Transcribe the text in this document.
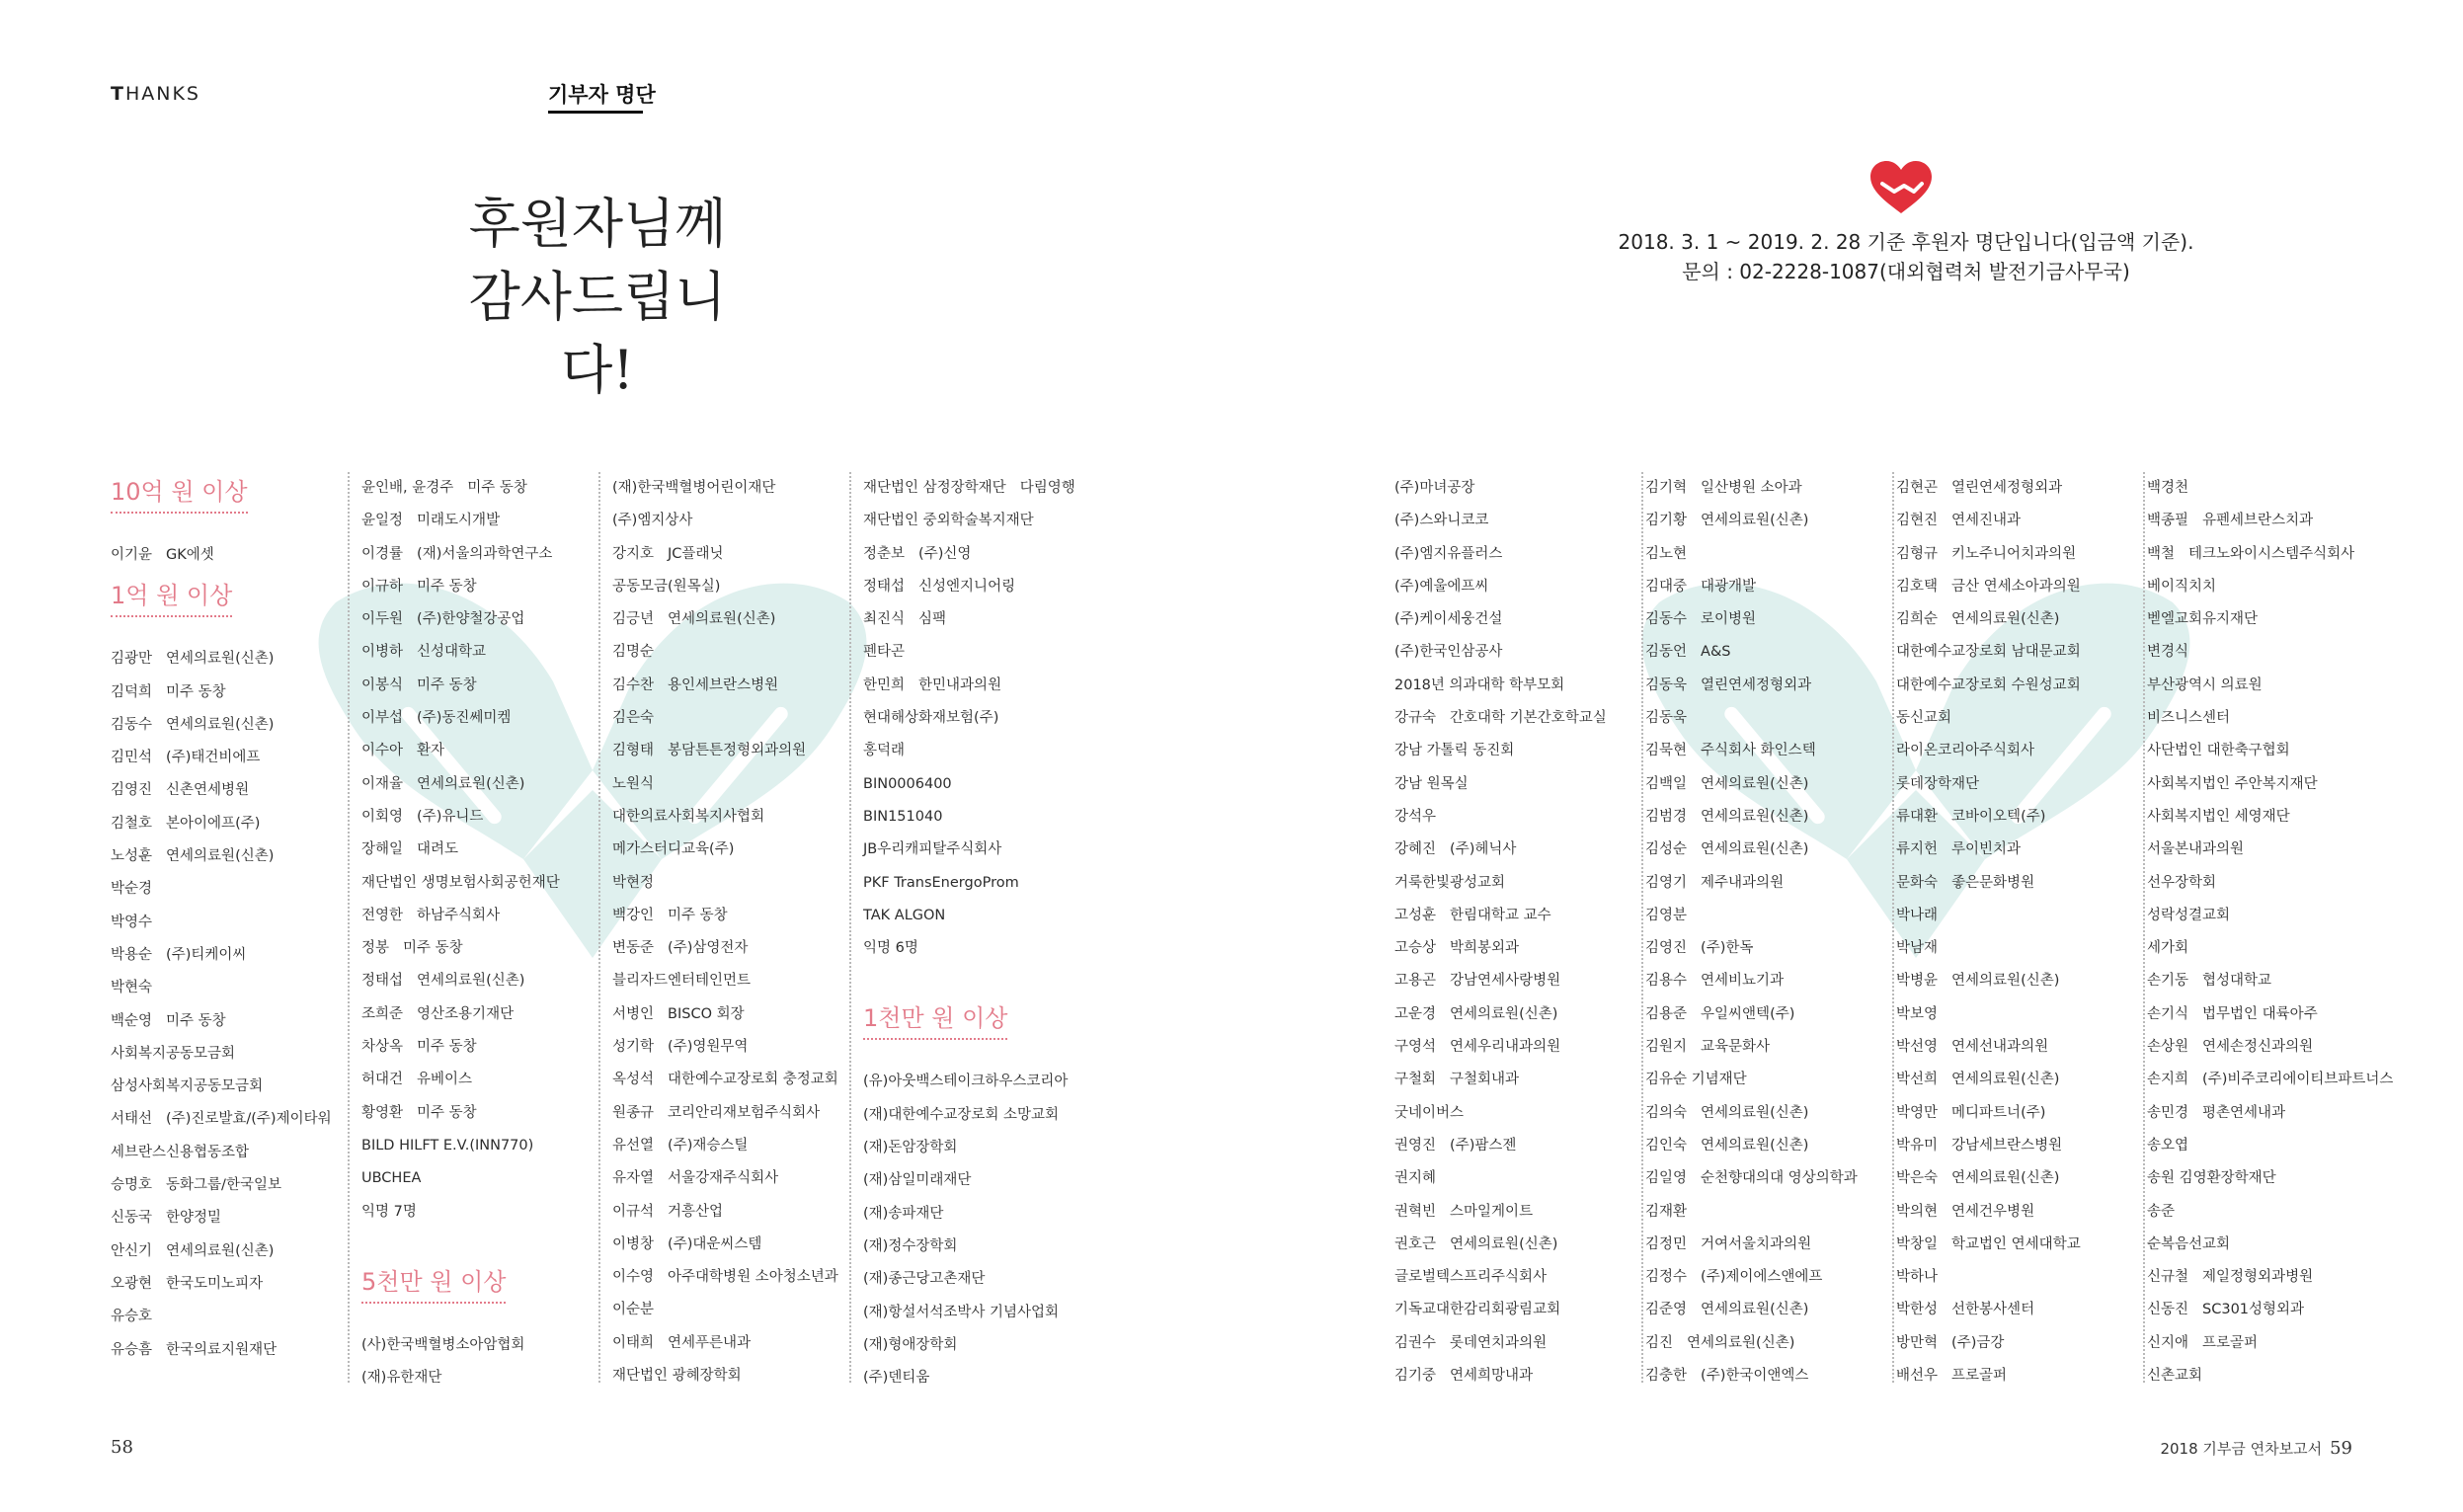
THANKS	기부자 명단
후원자님께
감사드립니다!
2018. 3. 1 ~ 2019. 2. 28 기준 후원자 명단입니다(입금액 기준).
문의 : 02-2228-1087(대외협력처 발전기금사무국)
10억 원 이상
이기윤 GK에셋
1억 원 이상
김광만 연세의료원(신촌)
김덕희 미주 동창
김동수 연세의료원(신촌)
김민석 (주)태건비에프
김영진 신촌연세병원
김철호 본아이에프(주)
노성훈 연세의료원(신촌)
박순경
박영수
박용순 (주)티케이씨
박현숙
백순영 미주 동창
사회복지공동모금회
삼성사회복지공동모금회
서태선 (주)진로발효/(주)제이타워
세브란스신용협동조합
승명호 동화그룹/한국일보
신동국 한양정밀
안신기 연세의료원(신촌)
오광현 한국도미노피자
유승호
유승흠 한국의료지원재단
윤인배, 윤경주 미주 동창
윤일정 미래도시개발
이경률 (재)서울의과학연구소
이규하 미주 동창
이두원 (주)한양철강공업
이병하 신성대학교
이봉식 미주 동창
이부섭 (주)동진쎄미켐
이수아 환자
이재율 연세의료원(신촌)
이회영 (주)유니드
장해일 대려도
재단법인 생명보험사회공헌재단
전영한 하남주식회사
정봉 미주 동창
정태섭 연세의료원(신촌)
조희준 영산조용기재단
차상옥 미주 동창
허대건 유베이스
황영환 미주 동창
BILD HILFT E.V.(INN770)
UBCHEA
익명 7명
5천만 원 이상
(사)한국백혈병소아암협회
(재)유한재단
(재)한국백혈병어린이재단
(주)엠지상사
강지호 JC플래닛
공동모금(원목실)
김긍년 연세의료원(신촌)
김명순
김수찬 용인세브란스병원
김은숙
김형태 봉담튼튼정형외과의원
노원식
대한의료사회복지사협회
메가스터디교육(주)
박현정
백강인 미주 동창
변동준 (주)삼영전자
블리자드엔터테인먼트
서병인 BISCO 회장
성기학 (주)영원무역
옥성석 대한예수교장로회 충정교회
원종규 코리안리재보험주식회사
유선열 (주)재승스틸
유자열 서울강재주식회사
이규석 거흥산업
이병창 (주)대운씨스템
이수영 아주대학병원 소아청소년과
이순분
이태희 연세푸른내과
재단법인 광혜장학회
재단법인 삼정장학재단 다림영행
재단법인 중외학술복지재단
정춘보 (주)신영
정태섭 신성엔지니어링
최진식 심팩
펜타곤
한민희 한민내과의원
현대해상화재보험(주)
홍덕래
BIN0006400
BIN151040
JB우리캐피탈주식회사
PKF TransEnergoProm
TAK ALGON
익명 6명
1천만 원 이상
(유)아웃백스테이크하우스코리아
(재)대한예수교장로회 소망교회
(재)돈암장학회
(재)삼일미래재단
(재)송파재단
(재)정수장학회
(재)종근당고촌재단
(재)항설서석조박사 기념사업회
(재)형애장학회
(주)덴티움
(주)마녀공장
(주)스와니코코
(주)엠지유플러스
(주)예울에프씨
(주)케이세웅건설
(주)한국인삼공사
2018년 의과대학 학부모회
강규숙 간호대학 기본간호학교실
강남 가톨릭 동진회
강남 원목실
강석우
강혜진 (주)헤닉사
거룩한빛광성교회
고성훈 한림대학교 교수
고승상 박희봉외과
고용곤 강남연세사랑병원
고운경 연세의료원(신촌)
구영석 연세우리내과의원
구철회 구철회내과
굿네이버스
권영진 (주)팜스젠
권지혜
권혁빈 스마일게이트
권호근 연세의료원(신촌)
글로벌텍스프리주식회사
기독교대한감리회광림교회
김권수 롯데연치과의원
김기중 연세희망내과
김기혁 일산병원 소아과
김기황 연세의료원(신촌)
김노현
김대중 대광개발
김동수 로이병원
김동언 A&S
김동욱 열린연세정형외과
김동욱
김묵현 주식회사 화인스텍
김백일 연세의료원(신촌)
김범경 연세의료원(신촌)
김성순 연세의료원(신촌)
김영기 제주내과의원
김영분
김영진 (주)한독
김용수 연세비뇨기과
김용준 우일씨앤텍(주)
김원지 교육문화사
김유순 기념재단
김의숙 연세의료원(신촌)
김인숙 연세의료원(신촌)
김일영 순천향대의대 영상의학과
김재환
김정민 거여서울치과의원
김정수 (주)제이에스앤에프
김준영 연세의료원(신촌)
김진 연세의료원(신촌)
김충한 (주)한국이앤엑스
김현곤 열린연세정형외과
김현진 연세진내과
김형규 키노주니어치과의원
김호택 금산 연세소아과의원
김희순 연세의료원(신촌)
대한예수교장로회 남대문교회
대한예수교장로회 수원성교회
동신교회
라이온코리아주식회사
롯데장학재단
류대환 코바이오텍(주)
류지헌 루이빈치과
문화숙 좋은문화병원
박나래
박남재
박병윤 연세의료원(신촌)
박보영
박선영 연세선내과의원
박선희 연세의료원(신촌)
박영만 메디파트너(주)
박유미 강남세브란스병원
박은숙 연세의료원(신촌)
박의현 연세건우병원
박창일 학교법인 연세대학교
박하나
박한성 선한봉사센터
방만혁 (주)금강
배선우 프로골퍼
백경천
백종필 유펜세브란스치과
백철 테크노와이시스템주식회사
베이직치치
벧엘교회유지재단
변경식
부산광역시 의료원
비즈니스센터
사단법인 대한축구협회
사회복지법인 주안복지재단
사회복지법인 세영재단
서울본내과의원
선우장학회
성락성결교회
세가회
손기동 협성대학교
손기식 법무법인 대륙아주
손상원 연세손정신과의원
손지희 (주)비주코리에이티브파트너스
송민경 평촌연세내과
송오엽
송원 김영환장학재단
송준
순복음선교회
신규철 제일정형외과병원
신동진 SC301성형외과
신지애 프로골퍼
신촌교회
58	2018 기부금 연차보고서 59
